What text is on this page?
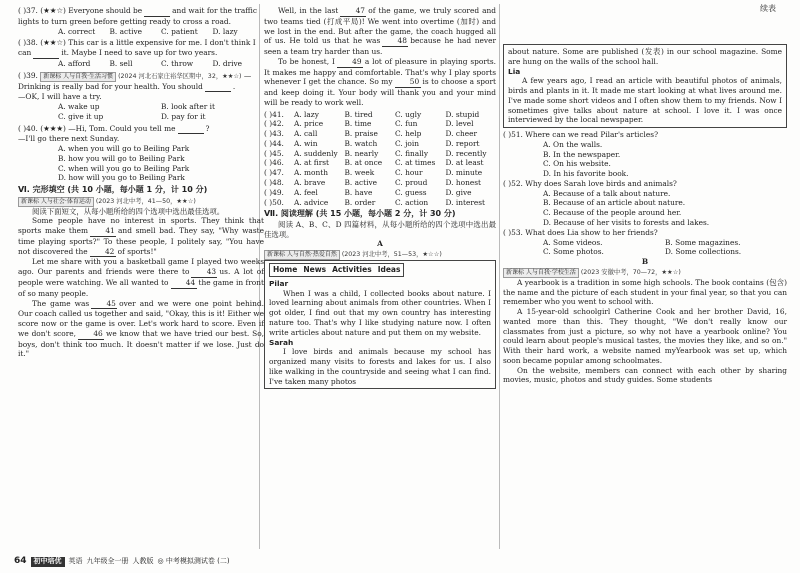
续表
( )37. (★★☆) Everyone should be	and wait for the traffic lights to turn green before getting ready to cross a road.
A. correct	B. active	C. patient	D. lazy
( )38. (★★☆) This car is a little expensive for me. I don't think I can	it. Maybe I need to save up for two years.
A. afford	B. sell	C. throw	D. drive
( )39. 新课标 人与自我·生活习惯 (2024 河北石家庄裕华区期中，32，★★☆) —Drinking is really bad for your health. You should	.
—OK, I will have a try.
A. wake up	B. look after it
C. give it up	D. pay for it
( )40. (★★★) —Hi, Tom. Could you tell me	?
—I'll go there next Sunday.
A. when you will go to Beiling Park
B. how you will go to Beiling Park
C. when will you go to Beiling Park
D. how will you go to Beiling Park
Ⅵ. 完形填空 (共 10 小题，每小题 1 分，计 10 分)
新课标 人与社会·体育运动 (2023 河北中考，41—50，★★☆)
阅读下面短文，从每小题所给的四个选项中选出最佳选项。
Some people have no interest in sports. They think that sports make them 41 and smell bad. They say, "Why waste time playing sports?" To these people, I politely say, "You have not discovered the 42 of sports!"
Let me share with you a basketball game I played two weeks ago. Our parents and friends were there to 43 us. A lot of people were watching. We all wanted to 44 the game in front of so many people.
The game was 45 over and we were one point behind. Our coach called us together and said, "Okay, this is it! Either we score now or the game is over. Let's work hard to score. Even if we don't score, 46 we know that we have tried our best. So, boys, don't think too much. It doesn't matter if we lose. Just do it."
Well, in the last 47 of the game, we truly scored and two teams tied (打成平局)! We went into overtime (加时) and we lost in the end. But after the game, the coach hugged all of us. He told us that he was 48 because he had never seen a team try harder than us.
To be honest, I 49 a lot of pleasure in playing sports. It makes me happy and comfortable. That's why I play sports whenever I get the chance. So my 50 is to choose a sport and keep doing it. Your body will thank you and your mind will be ready to work well.
( )41.	A. lazy	B. tired	C. ugly	D. stupid
( )42.	A. price	B. time	C. fun	D. level
( )43.	A. call	B. praise	C. help	D. cheer
( )44.	A. win	B. watch	C. join	D. report
( )45.	A. suddenly B. nearly	C. finally	D. recently
( )46.	A. at first	B. at once	C. at times	D. at least
( )47.	A. month	B. week	C. hour	D. minute
( )48.	A. brave	B. active	C. proud	D. honest
( )49.	A. feel	B. have	C. guess	D. give
( )50.	A. advice	B. order	C. action	D. interest
Ⅶ. 阅读理解 (共 15 小题，每小题 2 分，计 30 分)
阅读 A、B、C、D 四篇材料，从每小题所给的四个选项中选出最佳选项。
A
新课标 人与自然·热爱自然 (2023 河北中考，51—53，★☆☆)
Home News Activities Ideas
Pilar
When I was a child, I collected books about nature. I loved learning about animals from other countries. When I got older, I find out that my own country has interesting nature too. That's why I like studying nature now. I often write articles about nature and put them on my website.
Sarah
I love birds and animals because my school has organized many visits to forests and lakes for us. I also like walking in the countryside and seeing what I can find. I've taken many photos
about nature. Some are published (发表) in our school magazine. Some are hung on the walls of the school hall.
Lia
A few years ago, I read an article with beautiful photos of animals, birds and plants in it. It made me start looking at what lives around me. I've made some short videos and I often show them to my friends. Now I sometimes give talks about nature at school. I love it. I was once interviewed by the local newspaper.
( )51. Where can we read Pilar's articles?
A. On the walls.
B. In the newspaper.
C. On his website.
D. In his favorite book.
( )52. Why does Sarah love birds and animals?
A. Because of a talk about nature.
B. Because of an article about nature.
C. Because of the people around her.
D. Because of her visits to forests and lakes.
( )53. What does Lia show to her friends?
A. Some videos.	B. Some magazines.
C. Some photos.	D. Some collections.
B
新课标 人与自我·学校生活 (2023 安徽中考，70—72，★★☆)
A yearbook is a tradition in some high schools. The book contains (包含) the name and the picture of each student in your final year, so that you can remember who you went to school with.
A 15-year-old schoolgirl Catherine Cook and her brother David, 16, wanted more than this. They thought, "We don't really know our classmates from just a picture, so why not have a yearbook online? You could learn about people's musical tastes, the movies they like, and so on." With their hard work, a website named myYearbook was set up, which soon became popular among schoolmates.
On the website, members can connect with each other by sharing movies, music, photos and study guides. Some students
64	初中培优	英语 九年级全一册 人教版 ◎ 中考模拟测试卷 (二)
